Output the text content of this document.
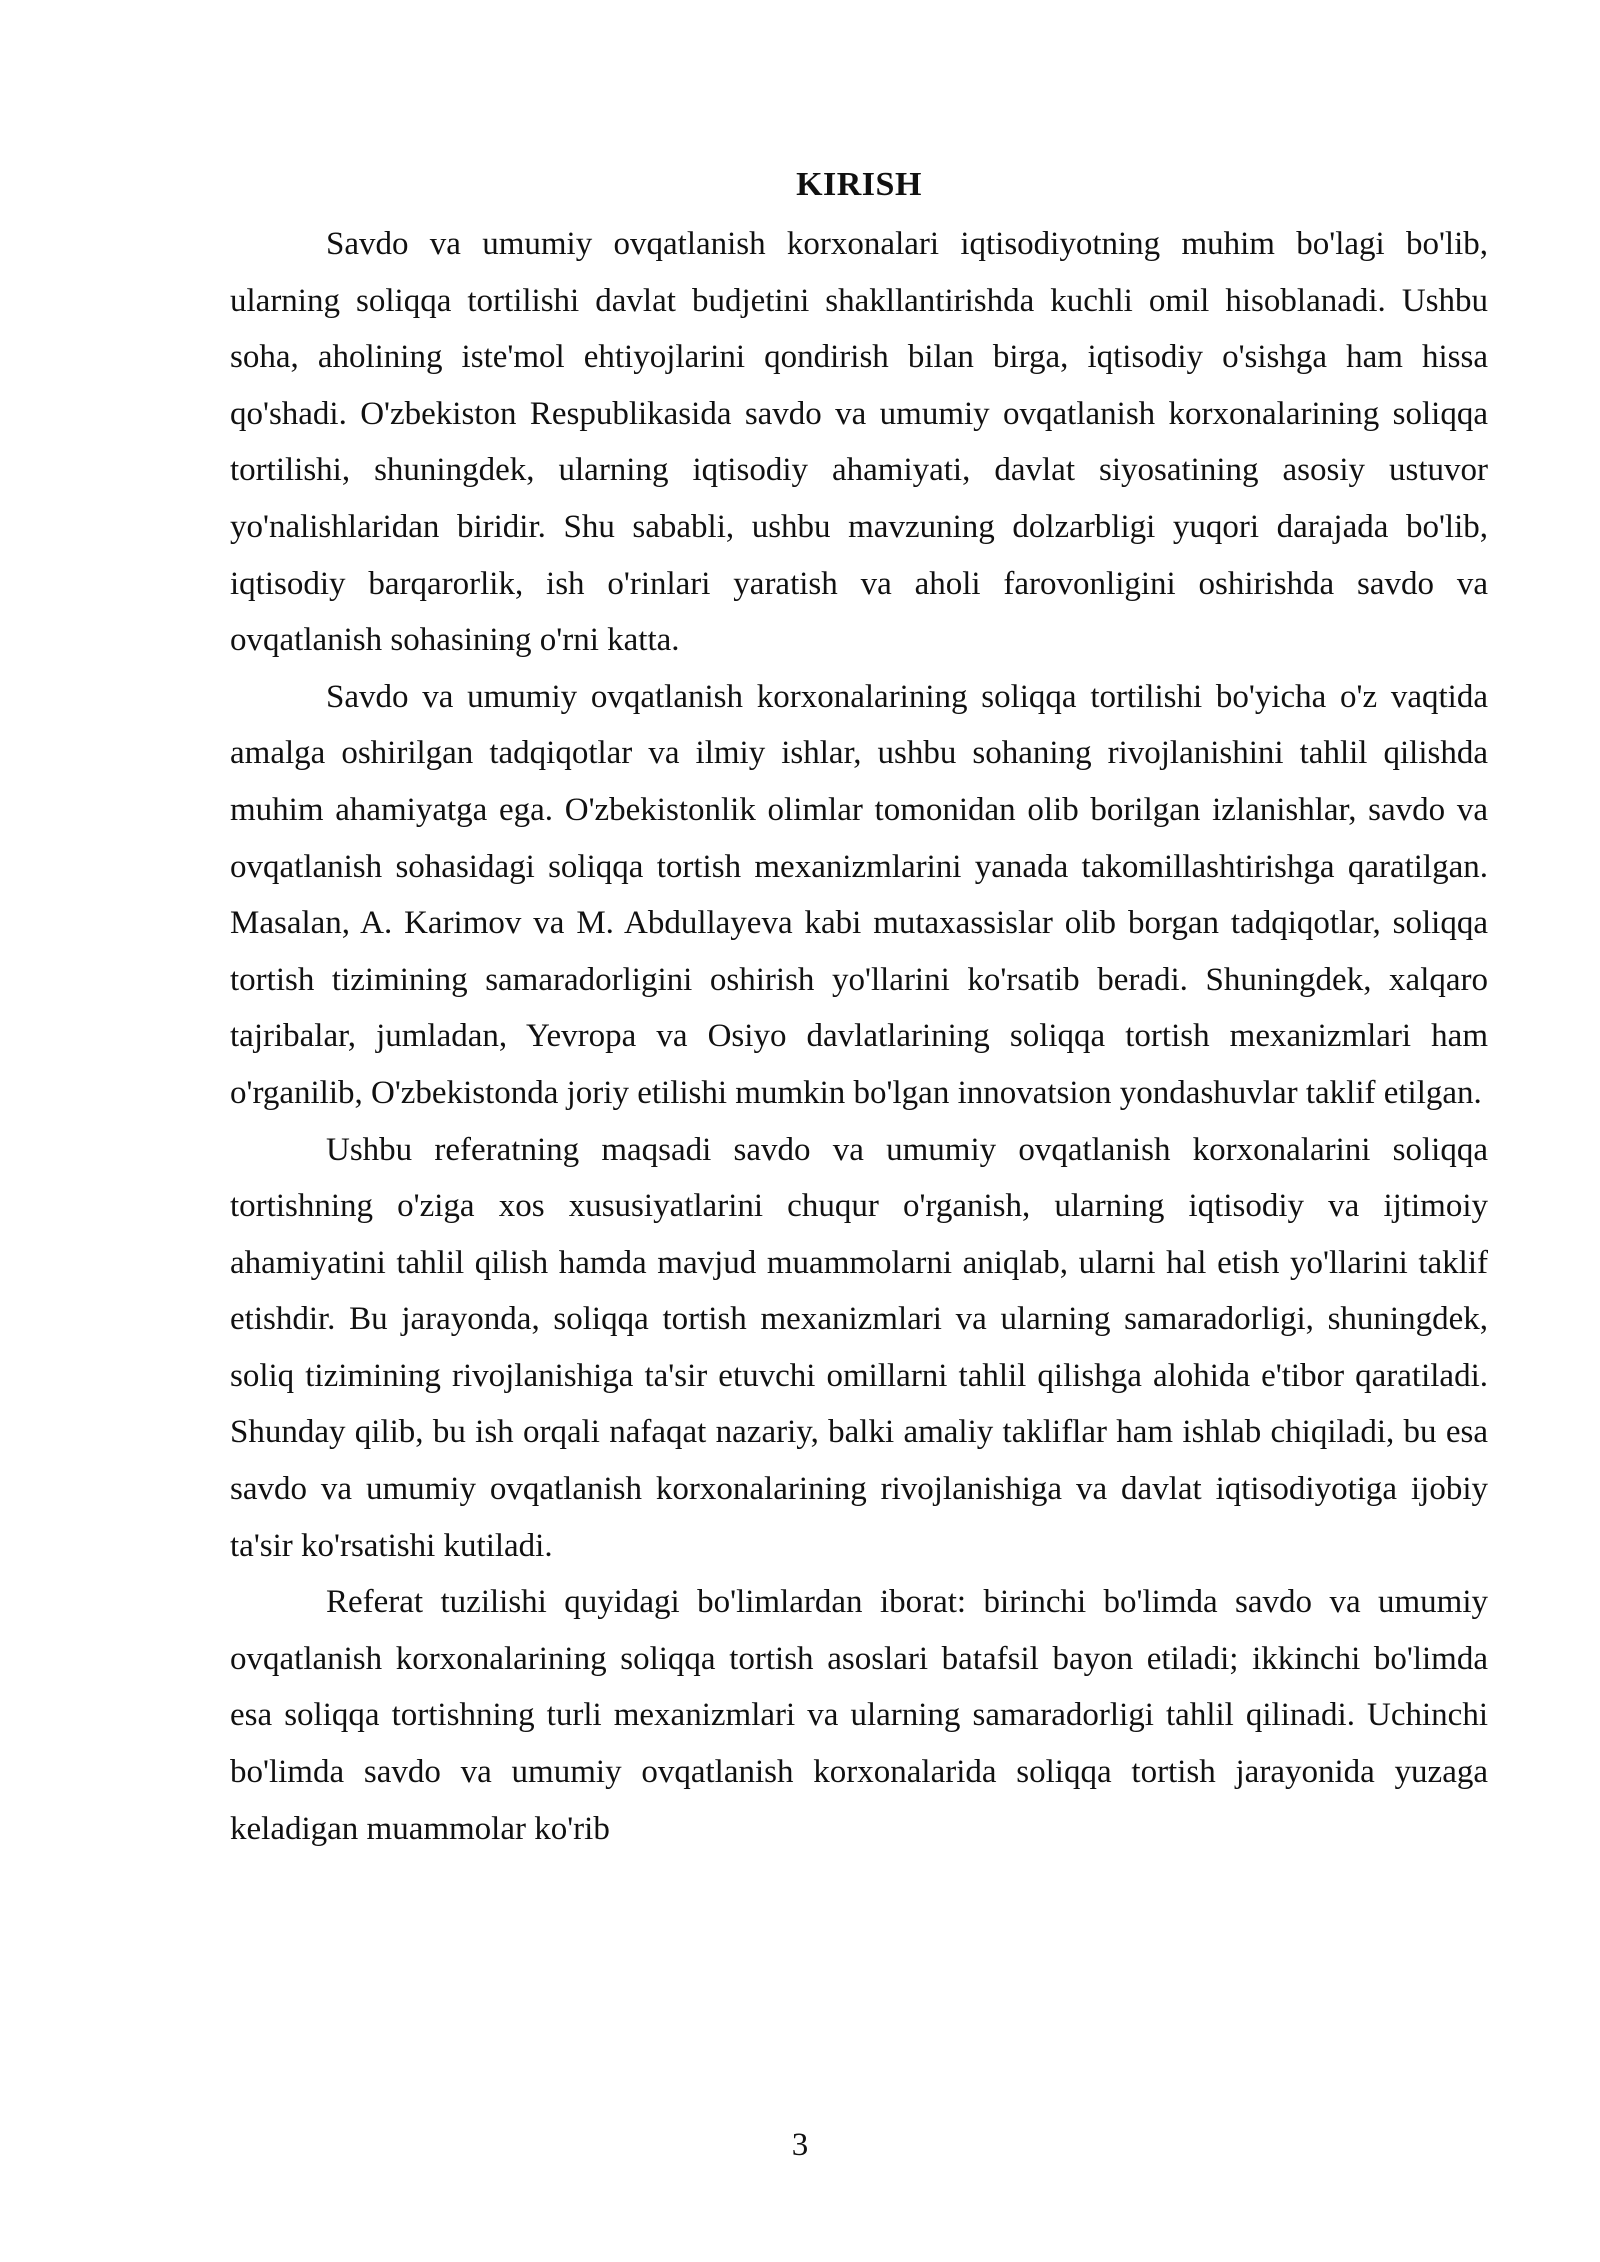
KIRISH

Savdo va umumiy ovqatlanish korxonalari iqtisodiyotning muhim bo'lagi bo'lib, ularning soliqqa tortilishi davlat budjetini shakllantirishda kuchli omil hisoblanadi. Ushbu soha, aholining iste'mol ehtiyojlarini qondirish bilan birga, iqtisodiy o'sishga ham hissa qo'shadi. O'zbekiston Respublikasida savdo va umumiy ovqatlanish korxonalarining soliqqa tortilishi, shuningdek, ularning iqtisodiy ahamiyati, davlat siyosatining asosiy ustuvor yo'nalishlaridan biridir. Shu sababli, ushbu mavzuning dolzarbligi yuqori darajada bo'lib, iqtisodiy barqarorlik, ish o'rinlari yaratish va aholi farovonligini oshirishda savdo va ovqatlanish sohasining o'rni katta.

Savdo va umumiy ovqatlanish korxonalarining soliqqa tortilishi bo'yicha o'z vaqtida amalga oshirilgan tadqiqotlar va ilmiy ishlar, ushbu sohaning rivojlanishini tahlil qilishda muhim ahamiyatga ega. O'zbekistonlik olimlar tomonidan olib borilgan izlanishlar, savdo va ovqatlanish sohasidagi soliqqa tortish mexanizmlarini yanada takomillashtirishga qaratilgan. Masalan, A. Karimov va M. Abdullayeva kabi mutaxassislar olib borgan tadqiqotlar, soliqqa tortish tizimining samaradorligini oshirish yo'llarini ko'rsatib beradi. Shuningdek, xalqaro tajribalar, jumladan, Yevropa va Osiyo davlatlarining soliqqa tortish mexanizmlari ham o'rganilib, O'zbekistonda joriy etilishi mumkin bo'lgan innovatsion yondashuvlar taklif etilgan.

Ushbu referatning maqsadi savdo va umumiy ovqatlanish korxonalarini soliqqa tortishning o'ziga xos xususiyatlarini chuqur o'rganish, ularning iqtisodiy va ijtimoiy ahamiyatini tahlil qilish hamda mavjud muammolarni aniqlab, ularni hal etish yo'llarini taklif etishdir. Bu jarayonda, soliqqa tortish mexanizmlari va ularning samaradorligi, shuningdek, soliq tizimining rivojlanishiga ta'sir etuvchi omillarni tahlil qilishga alohida e'tibor qaratiladi. Shunday qilib, bu ish orqali nafaqat nazariy, balki amaliy takliflar ham ishlab chiqiladi, bu esa savdo va umumiy ovqatlanish korxonalarining rivojlanishiga va davlat iqtisodiyotiga ijobiy ta'sir ko'rsatishi kutiladi.

Referat tuzilishi quyidagi bo'limlardan iborat: birinchi bo'limda savdo va umumiy ovqatlanish korxonalarining soliqqa tortish asoslari batafsil bayon etiladi; ikkinchi bo'limda esa soliqqa tortishning turli mexanizmlari va ularning samaradorligi tahlil qilinadi. Uchinchi bo'limda savdo va umumiy ovqatlanish korxonalarida soliqqa tortish jarayonida yuzaga keladigan muammolar ko'rib

3
